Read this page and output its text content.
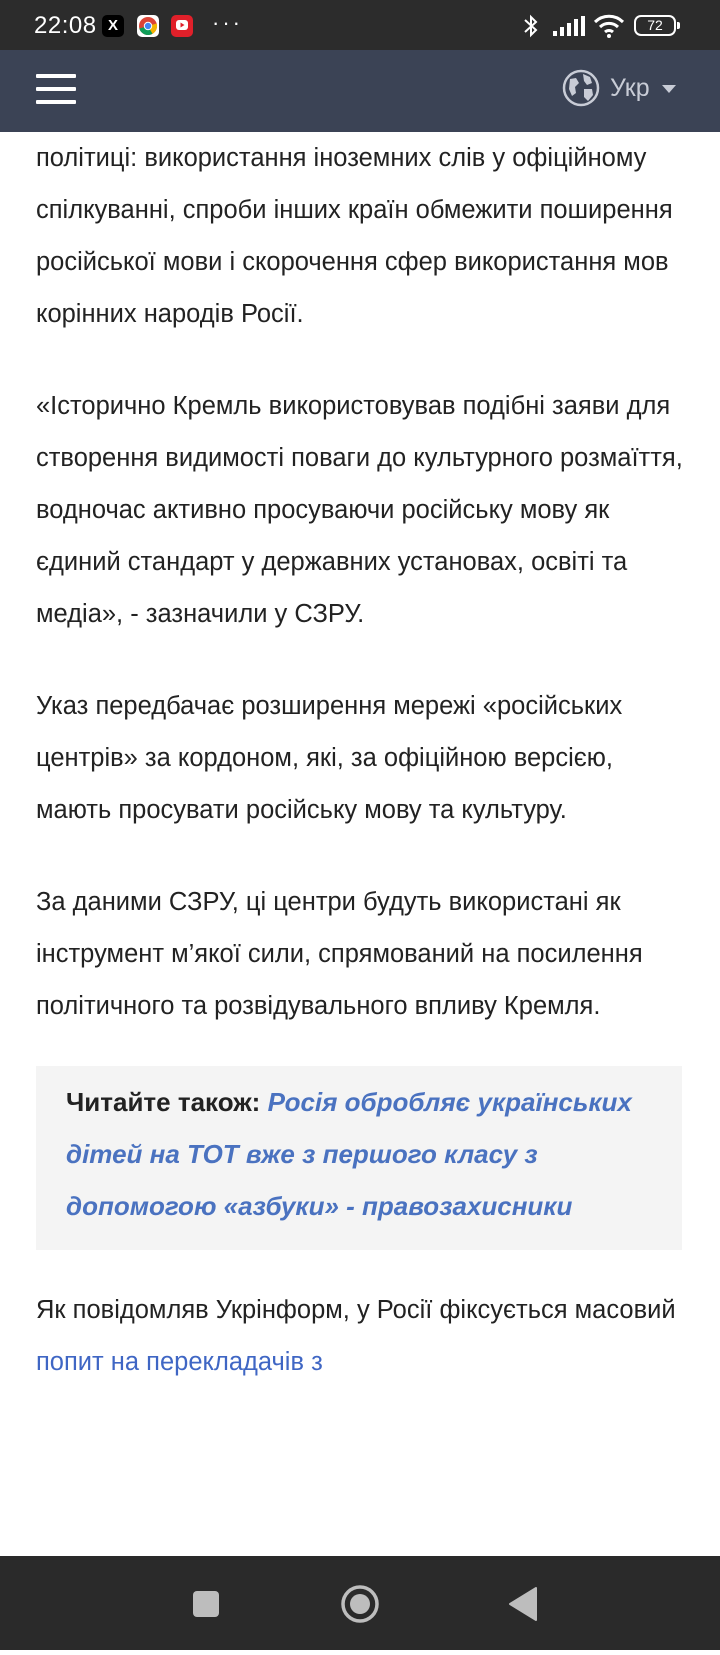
22:08 X	···	72
Укр

політиці: використання іноземних слів у офіційному спілкуванні, спроби інших країн обмежити поширення російської мови і скорочення сфер використання мов корінних народів Росії.

«Історично Кремль використовував подібні заяви для створення видимості поваги до культурного розмаїття, водночас активно просуваючи російську мову як єдиний стандарт у державних установах, освіті та медіа», - зазначили у СЗРУ.

Указ передбачає розширення мережі «російських центрів» за кордоном, які, за офіційною версією, мають просувати російську мову та культуру.

За даними СЗРУ, ці центри будуть використані як інструмент м’якої сили, спрямований на посилення політичного та розвідувального впливу Кремля.

Читайте також: Росія обробляє українських дітей на ТОТ вже з першого класу з допомогою «азбуки» - правозахисники

Як повідомляв Укрінформ, у Росії фіксується масовий попит на перекладачів з
